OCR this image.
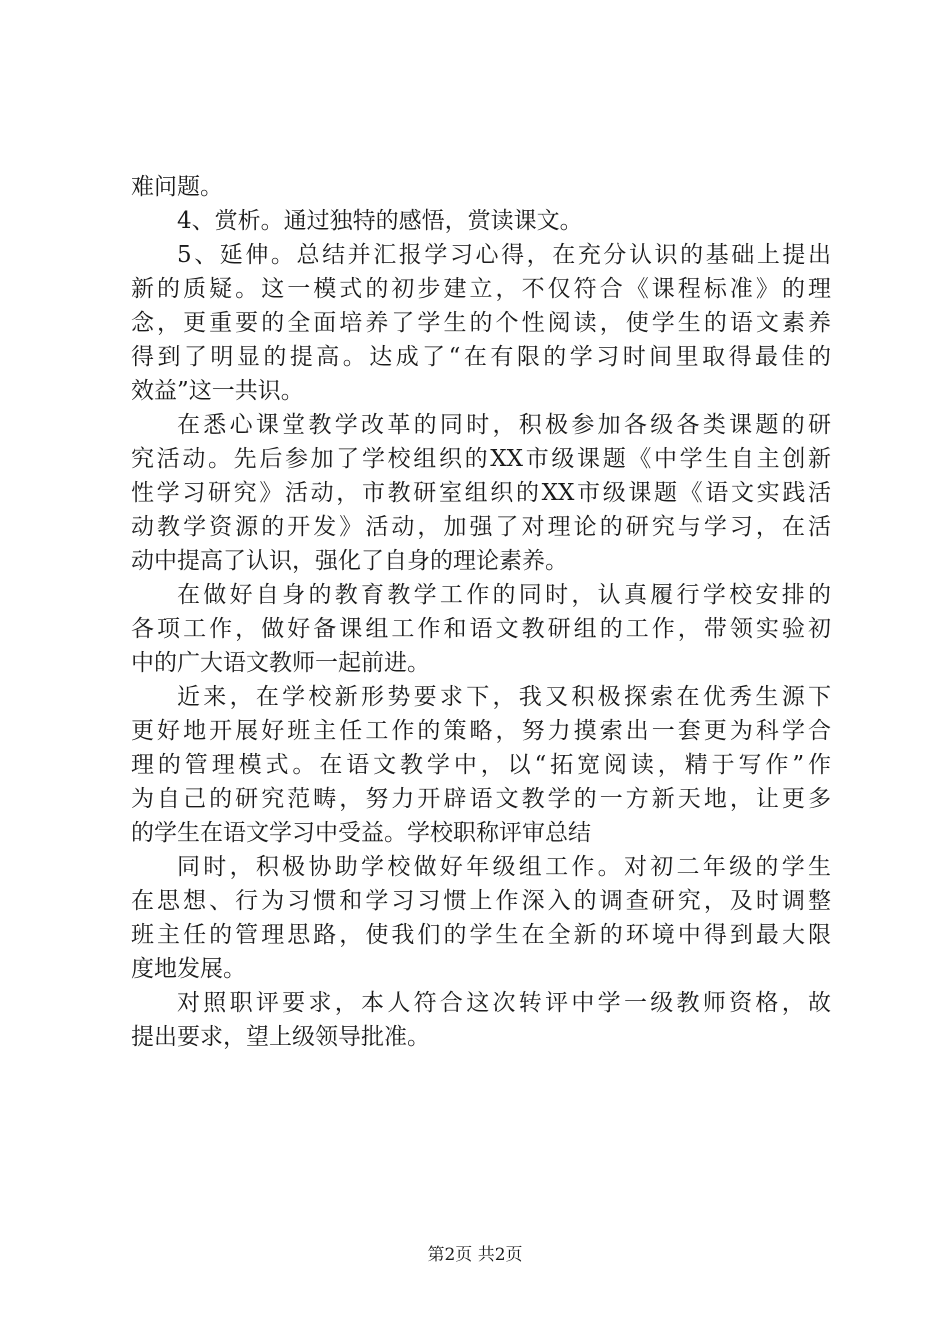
难问题。
4、赏析。通过独特的感悟，赏读课文。
5、延伸。总结并汇报学习心得，在充分认识的基础上提出
新的质疑。这一模式的初步建立，不仅符合《课程标准》的理
念，更重要的全面培养了学生的个性阅读，使学生的语文素养
得到了明显的提高。达成了“在有限的学习时间里取得最佳的
效益”这一共识。
在悉心课堂教学改革的同时，积极参加各级各类课题的研
究活动。先后参加了学校组织的XX市级课题《中学生自主创新
性学习研究》活动，市教研室组织的XX市级课题《语文实践活
动教学资源的开发》活动，加强了对理论的研究与学习，在活
动中提高了认识，强化了自身的理论素养。
在做好自身的教育教学工作的同时，认真履行学校安排的
各项工作，做好备课组工作和语文教研组的工作，带领实验初
中的广大语文教师一起前进。
近来，在学校新形势要求下，我又积极探索在优秀生源下
更好地开展好班主任工作的策略，努力摸索出一套更为科学合
理的管理模式。在语文教学中，以“拓宽阅读，精于写作”作
为自己的研究范畴，努力开辟语文教学的一方新天地，让更多
的学生在语文学习中受益。学校职称评审总结
同时，积极协助学校做好年级组工作。对初二年级的学生
在思想、行为习惯和学习习惯上作深入的调查研究，及时调整
班主任的管理思路，使我们的学生在全新的环境中得到最大限
度地发展。
对照职评要求，本人符合这次转评中学一级教师资格，故
提出要求，望上级领导批准。
第2页 共2页
